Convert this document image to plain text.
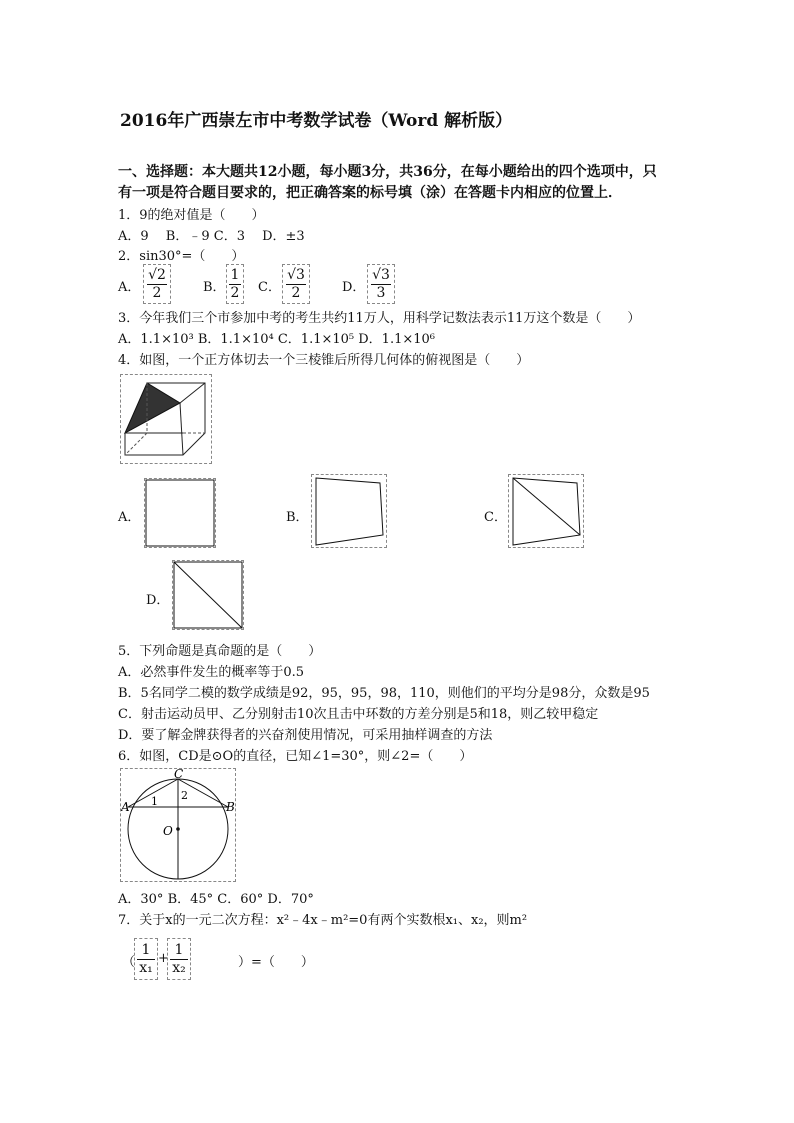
2016年广西崇左市中考数学试卷（Word 解析版）
一、选择题：本大题共12小题，每小题3分，共36分，在每小题给出的四个选项中，只
有一项是符合题目要求的，把正确答案的标号填（涂）在答题卡内相应的位置上．
1．9的绝对值是（　　）
A．9　 B．﹣9 C．3　 D．±3
2．sin30°=（　　）
A．
√2
2	B．
1
2 C．
√3
2	D．
√3
3
3．今年我们三个市参加中考的考生共约11万人，用科学记数法表示11万这个数是（　　）
A．1.1×10³ B．1.1×10⁴ C．1.1×10⁵ D．1.1×10⁶
4．如图，一个正方体切去一个三棱锥后所得几何体的俯视图是（　　）
A．	B．	C．
D．
5．下列命题是真命题的是（　　）
A．必然事件发生的概率等于0.5
B．5名同学二模的数学成绩是92，95，95，98，110，则他们的平均分是98分，众数是95
C．射击运动员甲、乙分别射击10次且击中环数的方差分别是5和18，则乙较甲稳定
D．要了解金牌获得者的兴奋剂使用情况，可采用抽样调查的方法
6．如图，CD是⊙O的直径，已知∠1=30°，则∠2=（　　）
C
A	B
O
1 2
A．30° B．45° C．60° D．70°
7．关于x的一元二次方程：x²﹣4x﹣m²=0有两个实数根x₁、x₂，则m²
（
1
x₁
+
1
x₂	）=（　　）
